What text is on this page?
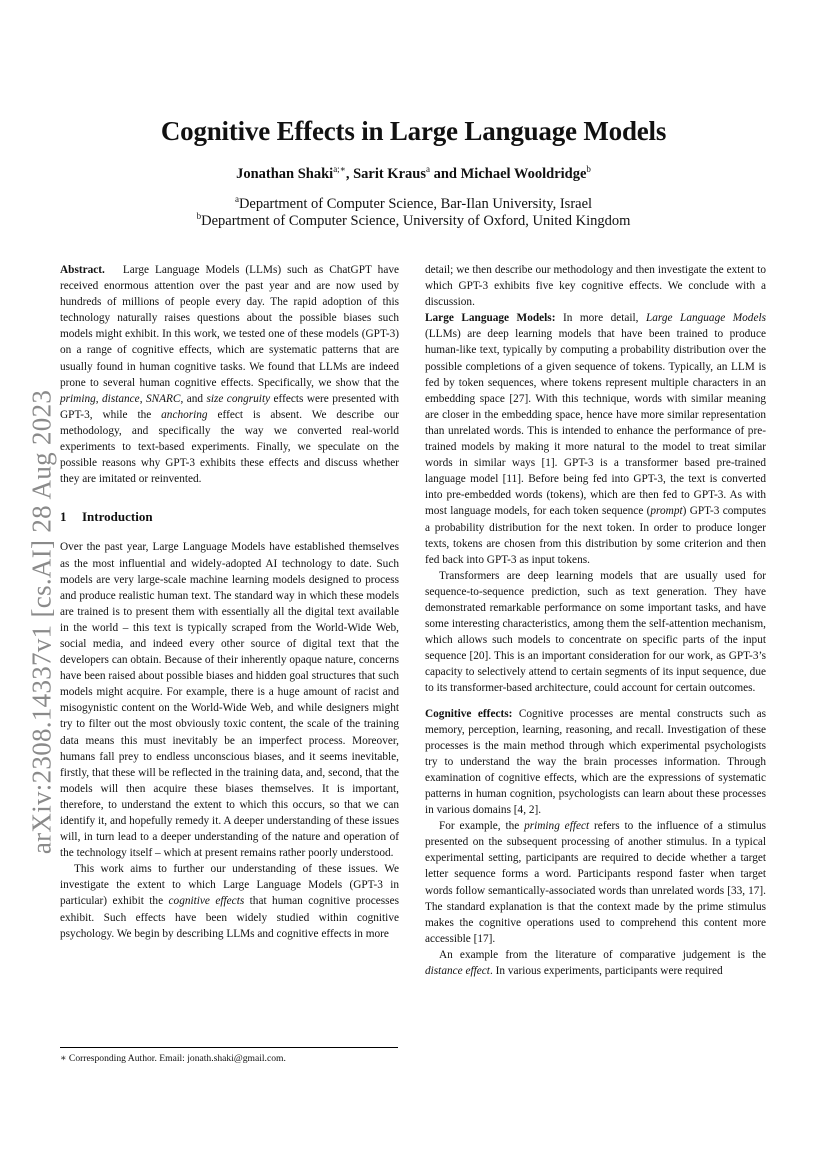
arXiv:2308.14337v1 [cs.AI] 28 Aug 2023
Cognitive Effects in Large Language Models
Jonathan Shaki$^{a;∗}$, Sarit Kraus$^a$ and Michael Wooldridge$^b$
$^a$Department of Computer Science, Bar-Ilan University, Israel
$^b$Department of Computer Science, University of Oxford, United Kingdom

Abstract. Large Language Models (LLMs) such as ChatGPT have received enormous attention over the past year and are now used by hundreds of millions of people every day. The rapid adoption of this technology naturally raises questions about the possible biases such models might exhibit. In this work, we tested one of these models (GPT-3) on a range of cognitive effects, which are systematic patterns that are usually found in human cognitive tasks. We found that LLMs are indeed prone to several human cognitive effects. Specifically, we show that the priming, distance, SNARC, and size congruity effects were presented with GPT-3, while the anchoring effect is absent. We describe our methodology, and specifically the way we converted real-world experiments to text-based experiments. Finally, we speculate on the possible reasons why GPT-3 exhibits these effects and discuss whether they are imitated or reinvented.

1 Introduction

Over the past year, Large Language Models have established themselves as the most influential and widely-adopted AI technology to date. Such models are very large-scale machine learning models designed to process and produce realistic human text. The standard way in which these models are trained is to present them with essentially all the digital text available in the world – this text is typically scraped from the World-Wide Web, social media, and indeed every other source of digital text that the developers can obtain. Because of their inherently opaque nature, concerns have been raised about possible biases and hidden goal structures that such models might acquire. For example, there is a huge amount of racist and misogynistic content on the World-Wide Web, and while designers might try to filter out the most obviously toxic content, the scale of the training data means this must inevitably be an imperfect process. Moreover, humans fall prey to endless unconscious biases, and it seems inevitable, firstly, that these will be reflected in the training data, and, second, that the models will then acquire these biases themselves. It is important, therefore, to understand the extent to which this occurs, so that we can identify it, and hopefully remedy it. A deeper understanding of these issues will, in turn lead to a deeper understanding of the nature and operation of the technology itself – which at present remains rather poorly understood.

This work aims to further our understanding of these issues. We investigate the extent to which Large Language Models (GPT-3 in particular) exhibit the cognitive effects that human cognitive processes exhibit. Such effects have been widely studied within cognitive psychology. We begin by describing LLMs and cognitive effects in more

∗ Corresponding Author. Email: jonath.shaki@gmail.com.

detail; we then describe our methodology and then investigate the extent to which GPT-3 exhibits five key cognitive effects. We conclude with a discussion.

Large Language Models: In more detail, Large Language Models (LLMs) are deep learning models that have been trained to produce human-like text, typically by computing a probability distribution over the possible completions of a given sequence of tokens. Typically, an LLM is fed by token sequences, where tokens represent multiple characters in an embedding space [27]. With this technique, words with similar meaning are closer in the embedding space, hence have more similar representation than unrelated words. This is intended to enhance the performance of pre-trained models by making it more natural to the model to treat similar words in similar ways [1]. GPT-3 is a transformer based pre-trained language model [11]. Before being fed into GPT-3, the text is converted into pre-embedded words (tokens), which are then fed to GPT-3. As with most language models, for each token sequence (prompt) GPT-3 computes a probability distribution for the next token. In order to produce longer texts, tokens are chosen from this distribution by some criterion and then fed back into GPT-3 as input tokens.

Transformers are deep learning models that are usually used for sequence-to-sequence prediction, such as text generation. They have demonstrated remarkable performance on some important tasks, and have some interesting characteristics, among them the self-attention mechanism, which allows such models to concentrate on specific parts of the input sequence [20]. This is an important consideration for our work, as GPT-3’s capacity to selectively attend to certain segments of its input sequence, due to its transformer-based architecture, could account for certain outcomes.

Cognitive effects: Cognitive processes are mental constructs such as memory, perception, learning, reasoning, and recall. Investigation of these processes is the main method through which experimental psychologists try to understand the way the brain processes information. Through examination of cognitive effects, which are the expressions of systematic patterns in human cognition, psychologists can learn about these processes in various domains [4, 2].

For example, the priming effect refers to the influence of a stimulus presented on the subsequent processing of another stimulus. In a typical experimental setting, participants are required to decide whether a target letter sequence forms a word. Participants respond faster when target words follow semantically-associated words than unrelated words [33, 17]. The standard explanation is that the context made by the prime stimulus makes the cognitive operations used to comprehend this content more accessible [17].

An example from the literature of comparative judgement is the distance effect. In various experiments, participants were required
